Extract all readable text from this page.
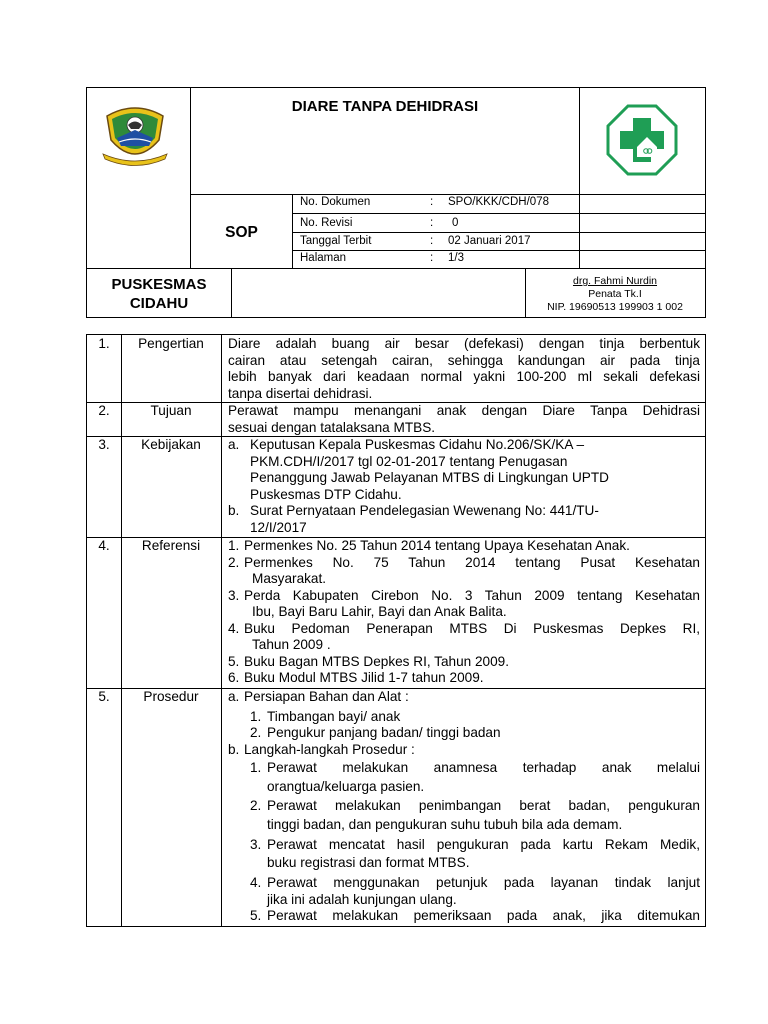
DIARE TANPA DEHIDRASI
SOP
No. Dokumen	: SPO/KKK/CDH/078
No. Revisi	: 0
Tanggal Terbit	: 02 Januari 2017
Halaman	: 1/3
PUSKESMAS
CIDAHU
drg. Fahmi Nurdin
Penata Tk.I
NIP. 19690513 199903 1 002
1.	Pengertian	Diare adalah buang air besar (defekasi) dengan tinja berbentuk
cairan atau setengah cairan, sehingga kandungan air pada tinja
lebih banyak dari keadaan normal yakni 100-200 ml sekali defekasi
tanpa disertai dehidrasi.
2.	Tujuan	Perawat mampu menangani anak dengan Diare Tanpa Dehidrasi
sesuai dengan tatalaksana MTBS.
3.	Kebijakan	a. Keputusan Kepala Puskesmas Cidahu No.206/SK/KA –
PKM.CDH/I/2017 tgl 02-01-2017 tentang Penugasan
Penanggung Jawab Pelayanan MTBS di Lingkungan UPTD
Puskesmas DTP Cidahu.
b. Surat Pernyataan Pendelegasian Wewenang No: 441/TU-
12/I/2017
4.	Referensi	1. Permenkes No. 25 Tahun 2014 tentang Upaya Kesehatan Anak.
2. Permenkes No. 75 Tahun 2014 tentang Pusat Kesehatan
Masyarakat.
3. Perda Kabupaten Cirebon No. 3 Tahun 2009 tentang Kesehatan
Ibu, Bayi Baru Lahir, Bayi dan Anak Balita.
4. Buku Pedoman Penerapan MTBS Di Puskesmas Depkes RI,
Tahun 2009 .
5. Buku Bagan MTBS Depkes RI, Tahun 2009.
6. Buku Modul MTBS Jilid 1-7 tahun 2009.
5.	Prosedur	a. Persiapan Bahan dan Alat :
1. Timbangan bayi/ anak
2. Pengukur panjang badan/ tinggi badan
b. Langkah-langkah Prosedur :
1. Perawat melakukan anamnesa terhadap anak melalui
orangtua/keluarga pasien.
2. Perawat melakukan penimbangan berat badan, pengukuran
tinggi badan, dan pengukuran suhu tubuh bila ada demam.
3. Perawat mencatat hasil pengukuran pada kartu Rekam Medik,
buku registrasi dan format MTBS.
4. Perawat menggunakan petunjuk pada layanan tindak lanjut
jika ini adalah kunjungan ulang.
5. Perawat melakukan pemeriksaan pada anak, jika ditemukan
